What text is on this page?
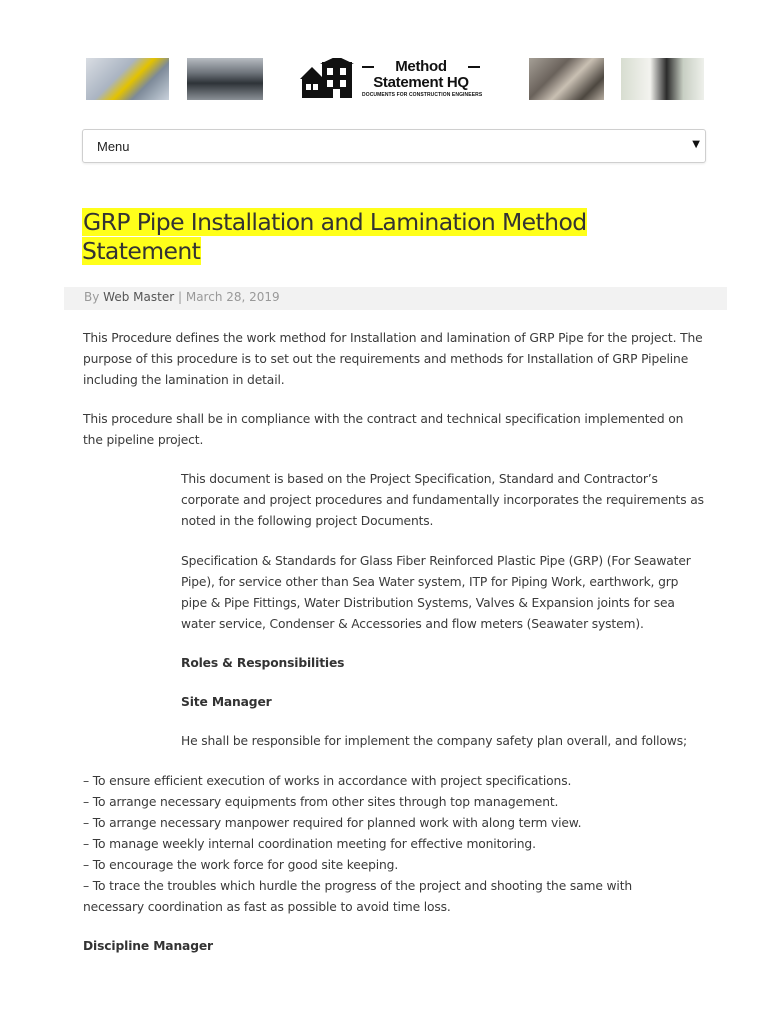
Method
Statement HQ
DOCUMENTS FOR CONSTRUCTION ENGINEERS
Menu	▼
GRP Pipe Installation and Lamination Method Statement
By Web Master | March 28, 2019

This Procedure defines the work method for Installation and lamination of GRP Pipe for the project. The purpose of this procedure is to set out the requirements and methods for Installation of GRP Pipeline including the lamination in detail.

This procedure shall be in compliance with the contract and technical specification implemented on the pipeline project.

This document is based on the Project Specification, Standard and Contractor’s corporate and project procedures and fundamentally incorporates the requirements as noted in the following project Documents.

Specification & Standards for Glass Fiber Reinforced Plastic Pipe (GRP) (For Seawater Pipe), for service other than Sea Water system, ITP for Piping Work, earthwork, grp pipe & Pipe Fittings, Water Distribution Systems, Valves & Expansion joints for sea water service, Condenser & Accessories and flow meters (Seawater system).

Roles & Responsibilities
Site Manager
He shall be responsible for implement the company safety plan overall, and follows;
– To ensure efficient execution of works in accordance with project specifications.
– To arrange necessary equipments from other sites through top management.
– To arrange necessary manpower required for planned work with along term view.
– To manage weekly internal coordination meeting for effective monitoring.
– To encourage the work force for good site keeping.
– To trace the troubles which hurdle the progress of the project and shooting the same with necessary coordination as fast as possible to avoid time loss.
Discipline Manager
